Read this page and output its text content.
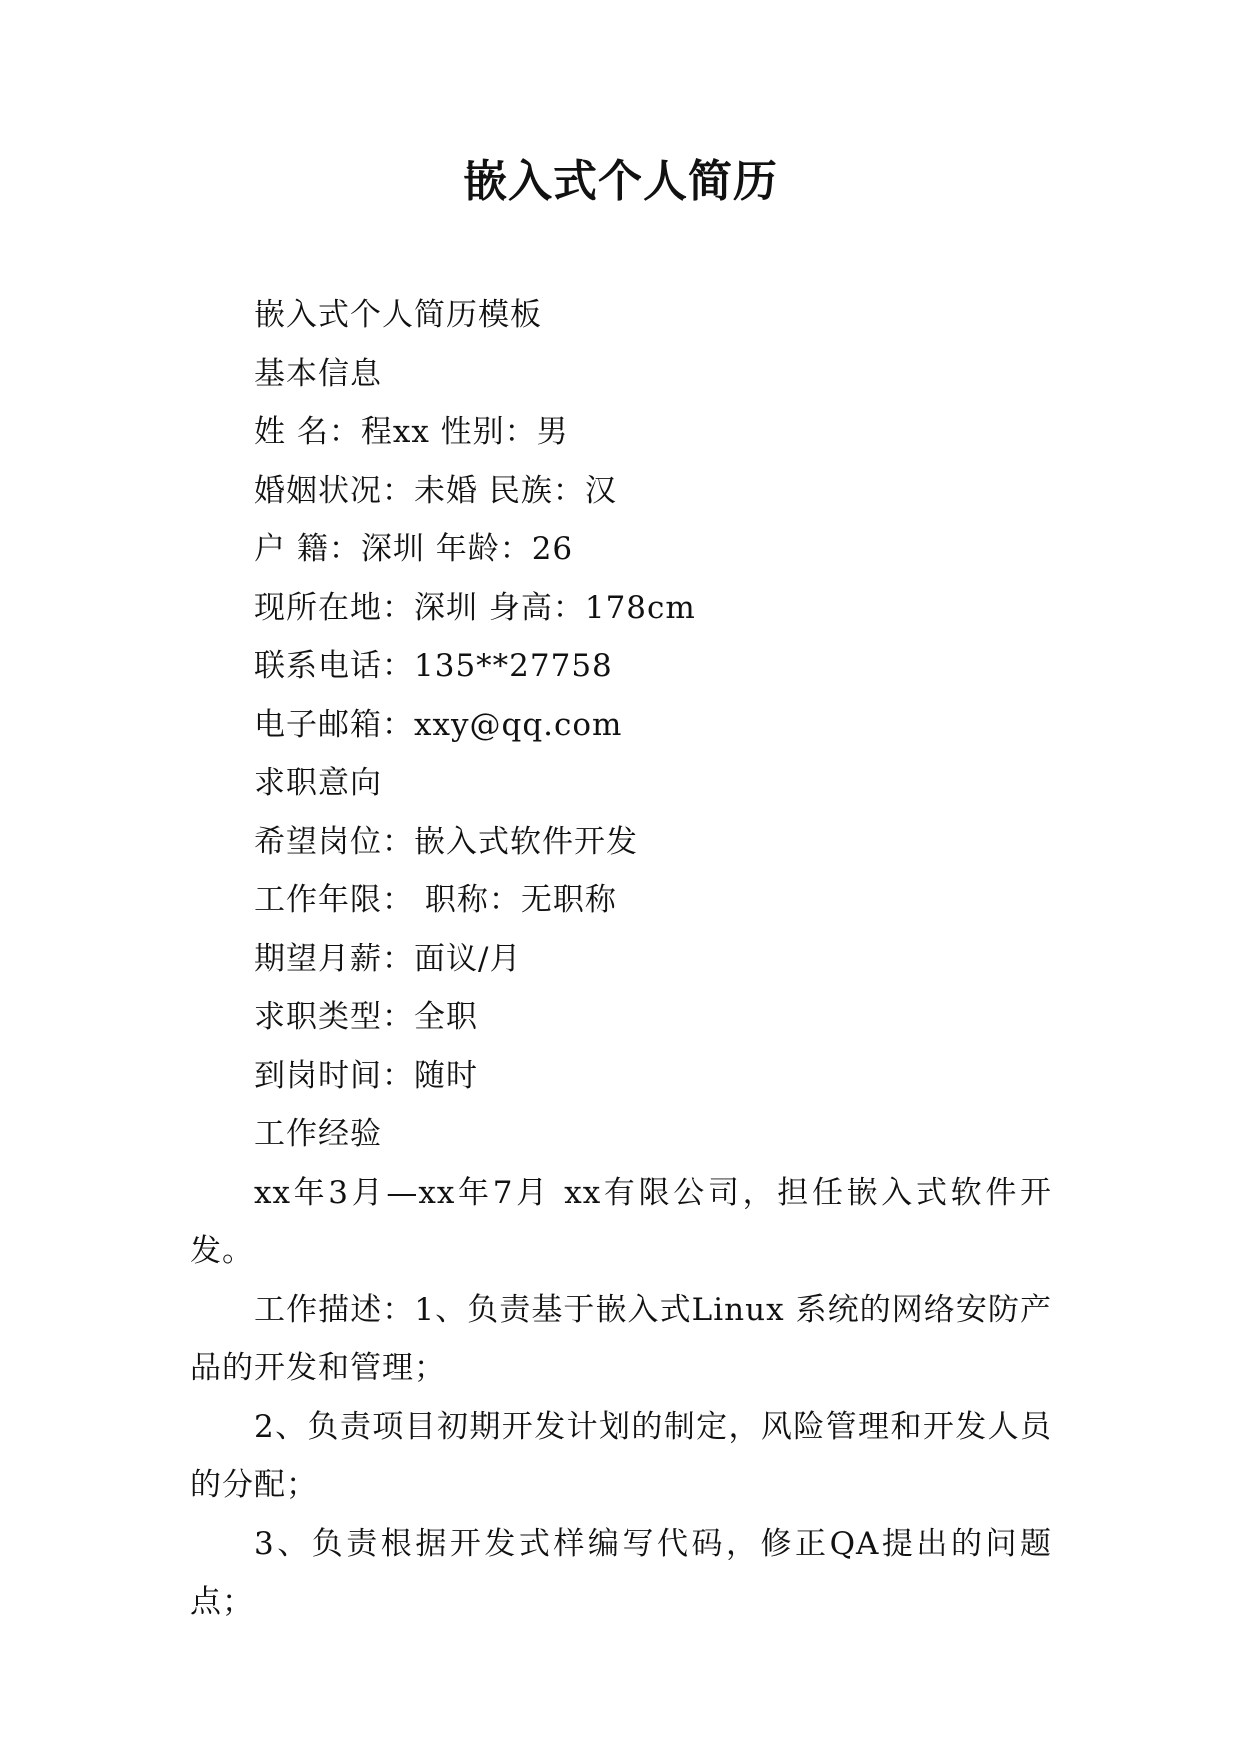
嵌入式个人简历

嵌入式个人简历模板

基本信息

姓 名：程xx 性别：男

婚姻状况：未婚 民族：汉

户 籍：深圳 年龄：26

现所在地：深圳 身高：178cm

联系电话：135**27758

电子邮箱：xxy@qq.com

求职意向

希望岗位：嵌入式软件开发

工作年限： 职称：无职称

期望月薪：面议/月

求职类型：全职

到岗时间：随时

工作经验

xx年3月—xx年7月 xx有限公司，担任嵌入式软件开发。

工作描述：1、负责基于嵌入式Linux 系统的网络安防产品的开发和管理；

2、负责项目初期开发计划的制定，风险管理和开发人员的分配；

3、负责根据开发式样编写代码，修正QA提出的问题点；
